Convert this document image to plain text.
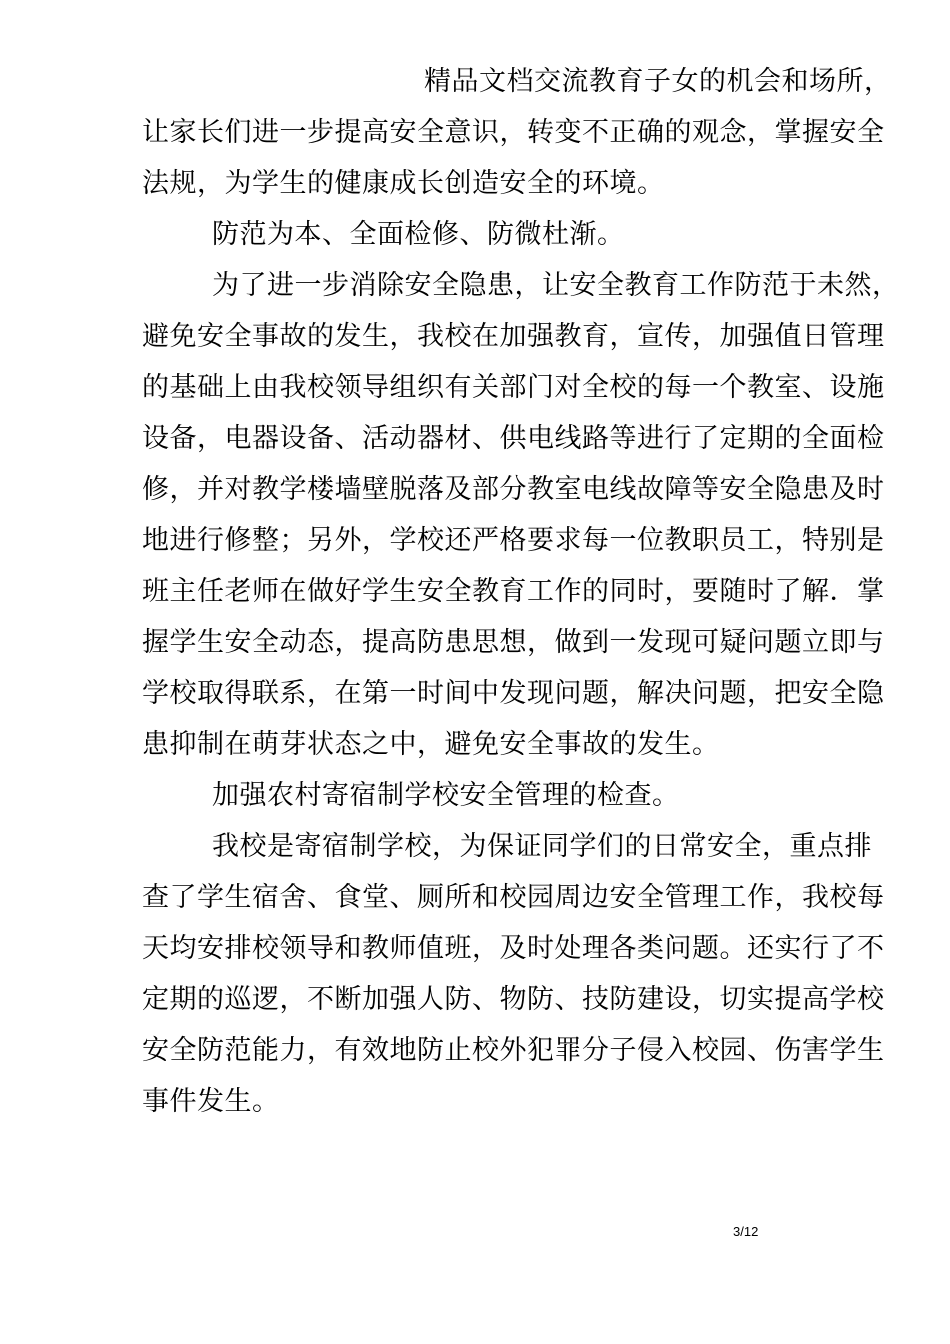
精品文档交流教育子女的机会和场所，
让家长们进一步提高安全意识，转变不正确的观念，掌握安全
法规，为学生的健康成长创造安全的环境。
防范为本、全面检修、防微杜渐。
为了进一步消除安全隐患，让安全教育工作防范于未然，
避免安全事故的发生，我校在加强教育，宣传，加强值日管理
的基础上由我校领导组织有关部门对全校的每一个教室、设施
设备，电器设备、活动器材、供电线路等进行了定期的全面检
修，并对教学楼墙壁脱落及部分教室电线故障等安全隐患及时
地进行修整；另外，学校还严格要求每一位教职员工，特别是
班主任老师在做好学生安全教育工作的同时，要随时了解．掌
握学生安全动态，提高防患思想，做到一发现可疑问题立即与
学校取得联系，在第一时间中发现问题，解决问题，把安全隐
患抑制在萌芽状态之中，避免安全事故的发生。
加强农村寄宿制学校安全管理的检查。
我校是寄宿制学校，为保证同学们的日常安全，重点排
查了学生宿舍、食堂、厕所和校园周边安全管理工作，我校每
天均安排校领导和教师值班，及时处理各类问题。还实行了不
定期的巡逻，不断加强人防、物防、技防建设，切实提高学校
安全防范能力，有效地防止校外犯罪分子侵入校园、伤害学生
事件发生。
3/12
